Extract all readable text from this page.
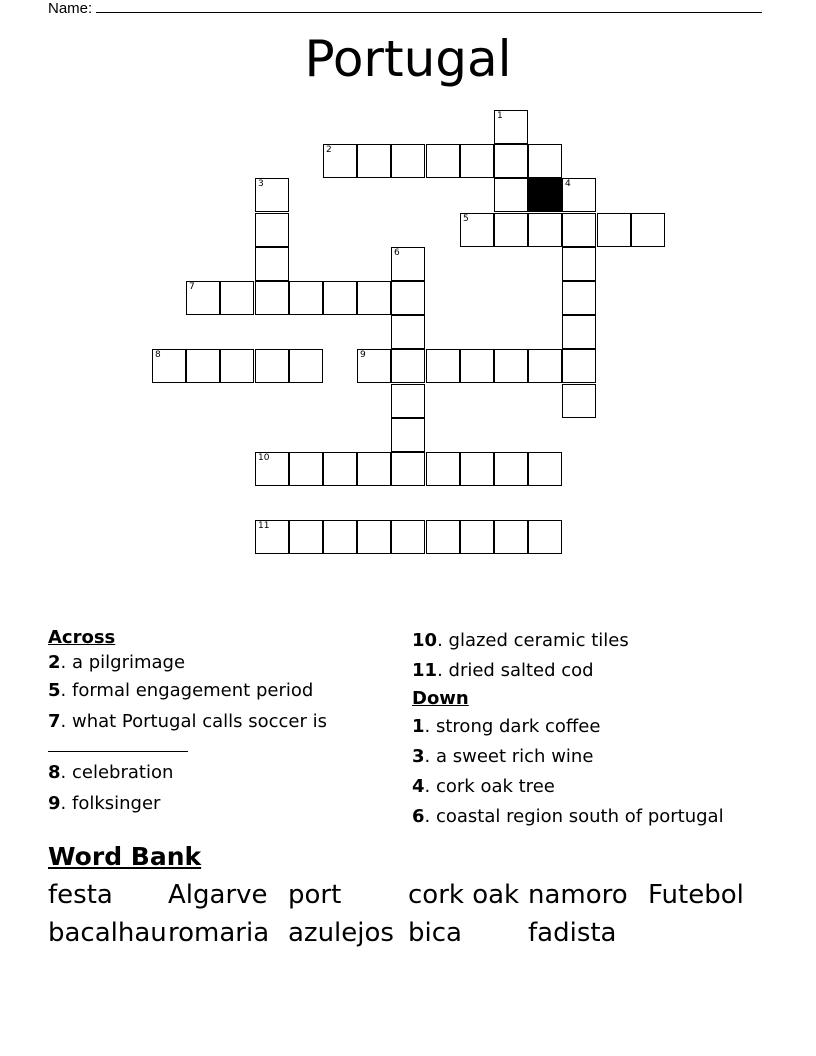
Name:
Portugal
1
2
3	4
5
6
7
8	9
10
11
Across
2. a pilgrimage
5. formal engagement period
7. what Portugal calls soccer is
8. celebration
9. folksinger
10. glazed ceramic tiles
11. dried salted cod
Down
1. strong dark coffee
3. a sweet rich wine
4. cork oak tree
6. coastal region south of portugal
Word Bank
festa Algarve port	cork oak namoro Futebol
bacalhau romaria azulejos bica	fadista
